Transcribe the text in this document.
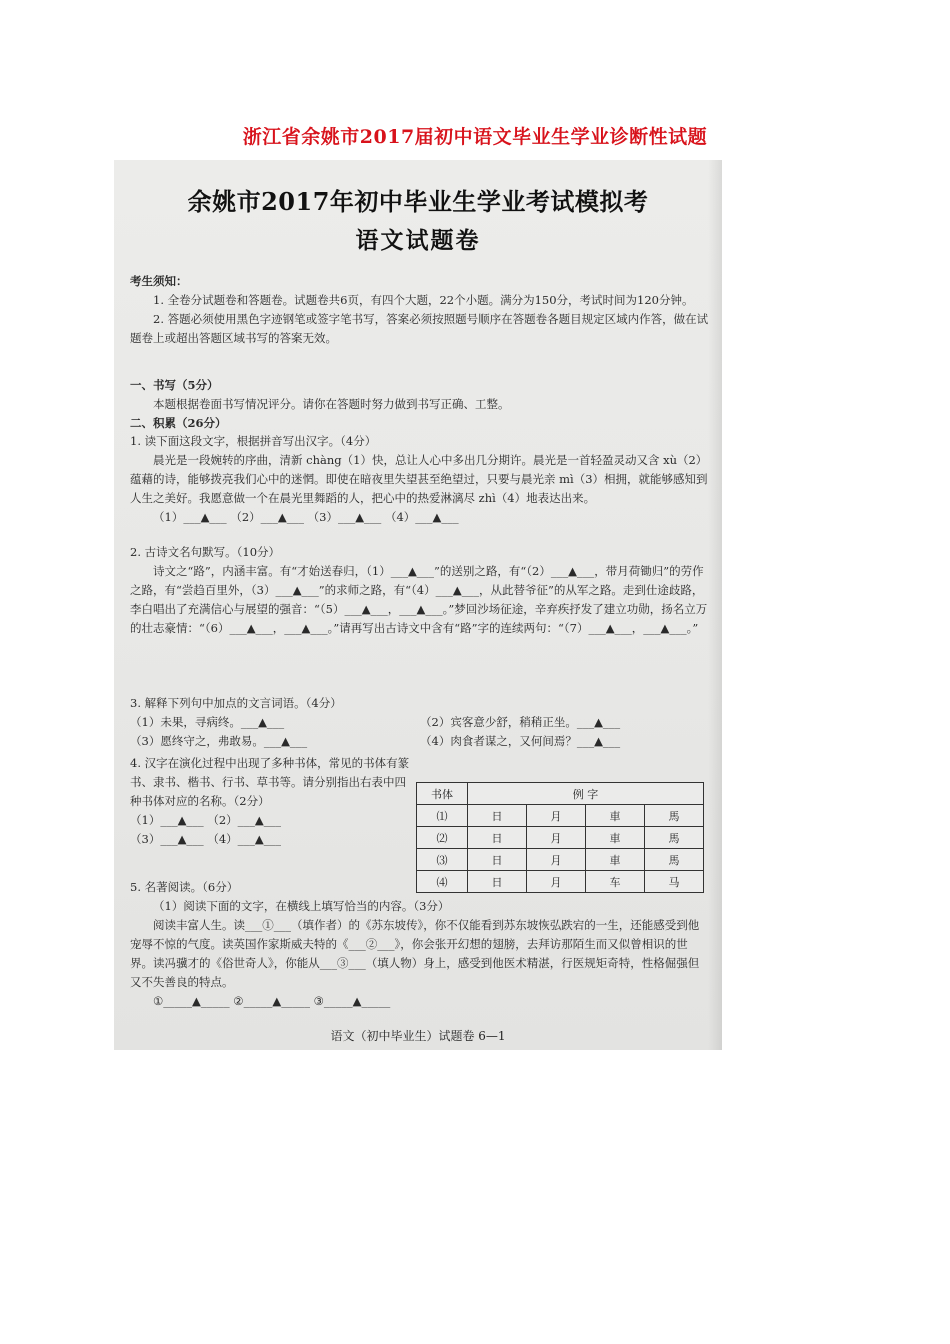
浙江省余姚市2017届初中语文毕业生学业诊断性试题
余姚市2017年初中毕业生学业考试模拟考
语文试题卷

考生须知：

1. 全卷分试题卷和答题卷。试题卷共6页，有四个大题，22个小题。满分为150分，考试时间为120分钟。

2. 答题必须使用黑色字迹钢笔或签字笔书写，答案必须按照题号顺序在答题卷各题目规定区域内作答，做在试题卷上或超出答题区域书写的答案无效。

一、书写（5分）

本题根据卷面书写情况评分。请你在答题时努力做到书写正确、工整。

二、积累（26分）

1. 读下面这段文字，根据拼音写出汉字。（4分）

晨光是一段婉转的序曲，清新 chàng（1）快，总让人心中多出几分期许。晨光是一首轻盈灵动又含 xù（2）蕴藉的诗，能够拨亮我们心中的迷惘。即使在暗夜里失望甚至绝望过，只要与晨光亲 mì（3）相拥，就能够感知到人生之美好。我愿意做一个在晨光里舞蹈的人，把心中的热爱淋漓尽 zhì（4）地表达出来。

（1）___▲___ （2）___▲___ （3）___▲___ （4）___▲___

2. 古诗文名句默写。（10分）

诗文之“路”，内涵丰富。有“才始送春归，（1）___▲___”的送别之路，有“（2）___▲___，带月荷锄归”的劳作之路，有“尝趋百里外，（3）___▲___”的求师之路，有“（4）___▲___，从此替爷征”的从军之路。走到仕途歧路，李白唱出了充满信心与展望的强音：“（5）___▲___，___▲___。”梦回沙场征途，辛弃疾抒发了建立功勋，扬名立万的壮志豪情：“（6）___▲___，___▲___。”请再写出古诗文中含有“路”字的连续两句：“（7）___▲___，___▲___。”

3. 解释下列句中加点的文言词语。（4分）

（1）未果，寻病终。___▲___	（2）宾客意少舒，稍稍正坐。___▲___
（3）愿终守之，弗敢易。___▲___	（4）肉食者谋之，又何间焉？___▲___

4. 汉字在演化过程中出现了多种书体，常见的书体有篆书、隶书、楷书、行书、草书等。请分别指出右表中四种书体对应的名称。（2分）

（1）___▲___ （2）___▲___

（3）___▲___ （4）___▲___

书体	例 字			
⑴	日	月	車	馬
⑵	日	月	車	馬
⑶	日	月	車	馬
⑷	日	月	车	马

5. 名著阅读。（6分）

（1）阅读下面的文字，在横线上填写恰当的内容。（3分）

阅读丰富人生。读___①___（填作者）的《苏东坡传》，你不仅能看到苏东坡恢弘跌宕的一生，还能感受到他宠辱不惊的气度。读英国作家斯威夫特的《___②___》，你会张开幻想的翅膀，去拜访那陌生而又似曾相识的世界。读冯骥才的《俗世奇人》，你能从___③___（填人物）身上，感受到他医术精湛，行医规矩奇特，性格倔强但又不失善良的特点。

①_____▲_____ ②_____▲_____ ③_____▲_____

语文（初中毕业生）试题卷 6—1
